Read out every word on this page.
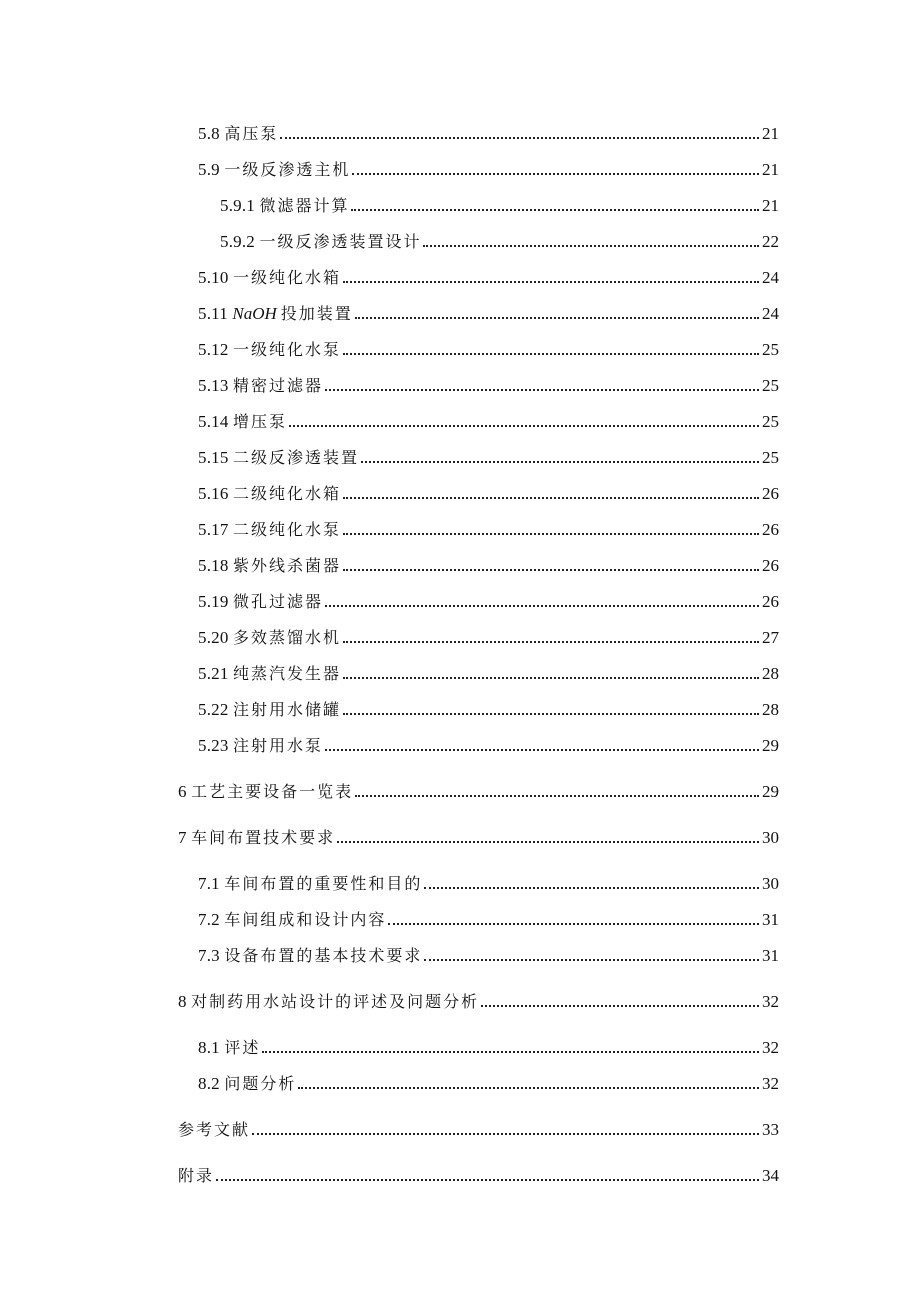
5.8 高压泵	21
5.9 一级反渗透主机	21
5.9.1 微滤器计算	21
5.9.2 一级反渗透装置设计	22
5.10 一级纯化水箱	24
5.11 NaOH 投加装置	24
5.12 一级纯化水泵	25
5.13 精密过滤器	25
5.14 增压泵	25
5.15 二级反渗透装置	25
5.16 二级纯化水箱	26
5.17 二级纯化水泵	26
5.18 紫外线杀菌器	26
5.19 微孔过滤器	26
5.20 多效蒸馏水机	27
5.21 纯蒸汽发生器	28
5.22 注射用水储罐	28
5.23 注射用水泵	29
6 工艺主要设备一览表	29
7 车间布置技术要求	30
7.1 车间布置的重要性和目的	30
7.2 车间组成和设计内容	31
7.3 设备布置的基本技术要求	31
8 对制药用水站设计的评述及问题分析	32
8.1 评述	32
8.2 问题分析	32
参考文献	33
附录	34
